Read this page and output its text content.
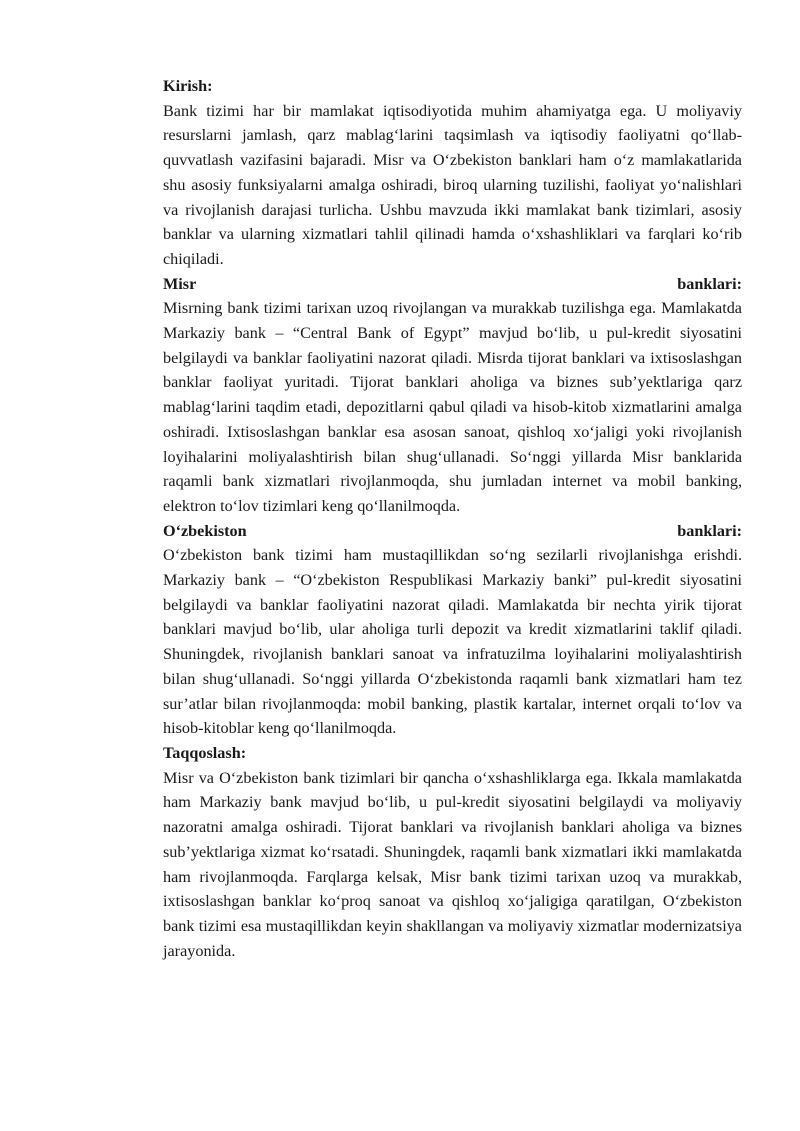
Kirish:

Bank tizimi har bir mamlakat iqtisodiyotida muhim ahamiyatga ega. U moliyaviy resurslarni jamlash, qarz mablag‘larini taqsimlash va iqtisodiy faoliyatni qo‘llab-quvvatlash vazifasini bajaradi. Misr va O‘zbekiston banklari ham o‘z mamlakatlarida shu asosiy funksiyalarni amalga oshiradi, biroq ularning tuzilishi, faoliyat yo‘nalishlari va rivojlanish darajasi turlicha. Ushbu mavzuda ikki mamlakat bank tizimlari, asosiy banklar va ularning xizmatlari tahlil qilinadi hamda o‘xshashliklari va farqlari ko‘rib chiqiladi.

Misr	banklari:

Misrning bank tizimi tarixan uzoq rivojlangan va murakkab tuzilishga ega. Mamlakatda Markaziy bank – “Central Bank of Egypt” mavjud bo‘lib, u pul-kredit siyosatini belgilaydi va banklar faoliyatini nazorat qiladi. Misrda tijorat banklari va ixtisoslashgan banklar faoliyat yuritadi. Tijorat banklari aholiga va biznes sub’yektlariga qarz mablag‘larini taqdim etadi, depozitlarni qabul qiladi va hisob-kitob xizmatlarini amalga oshiradi. Ixtisoslashgan banklar esa asosan sanoat, qishloq xo‘jaligi yoki rivojlanish loyihalarini moliyalashtirish bilan shug‘ullanadi. So‘nggi yillarda Misr banklarida raqamli bank xizmatlari rivojlanmoqda, shu jumladan internet va mobil banking, elektron to‘lov tizimlari keng qo‘llanilmoqda.

O‘zbekiston	banklari:

O‘zbekiston bank tizimi ham mustaqillikdan so‘ng sezilarli rivojlanishga erishdi. Markaziy bank – “O‘zbekiston Respublikasi Markaziy banki” pul-kredit siyosatini belgilaydi va banklar faoliyatini nazorat qiladi. Mamlakatda bir nechta yirik tijorat banklari mavjud bo‘lib, ular aholiga turli depozit va kredit xizmatlarini taklif qiladi. Shuningdek, rivojlanish banklari sanoat va infratuzilma loyihalarini moliyalashtirish bilan shug‘ullanadi. So‘nggi yillarda O‘zbekistonda raqamli bank xizmatlari ham tez sur’atlar bilan rivojlanmoqda: mobil banking, plastik kartalar, internet orqali to‘lov va hisob-kitoblar keng qo‘llanilmoqda.

Taqqoslash:

Misr va O‘zbekiston bank tizimlari bir qancha o‘xshashliklarga ega. Ikkala mamlakatda ham Markaziy bank mavjud bo‘lib, u pul-kredit siyosatini belgilaydi va moliyaviy nazoratni amalga oshiradi. Tijorat banklari va rivojlanish banklari aholiga va biznes sub’yektlariga xizmat ko‘rsatadi. Shuningdek, raqamli bank xizmatlari ikki mamlakatda ham rivojlanmoqda. Farqlarga kelsak, Misr bank tizimi tarixan uzoq va murakkab, ixtisoslashgan banklar ko‘proq sanoat va qishloq xo‘jaligiga qaratilgan, O‘zbekiston bank tizimi esa mustaqillikdan keyin shakllangan va moliyaviy xizmatlar modernizatsiya jarayonida.
